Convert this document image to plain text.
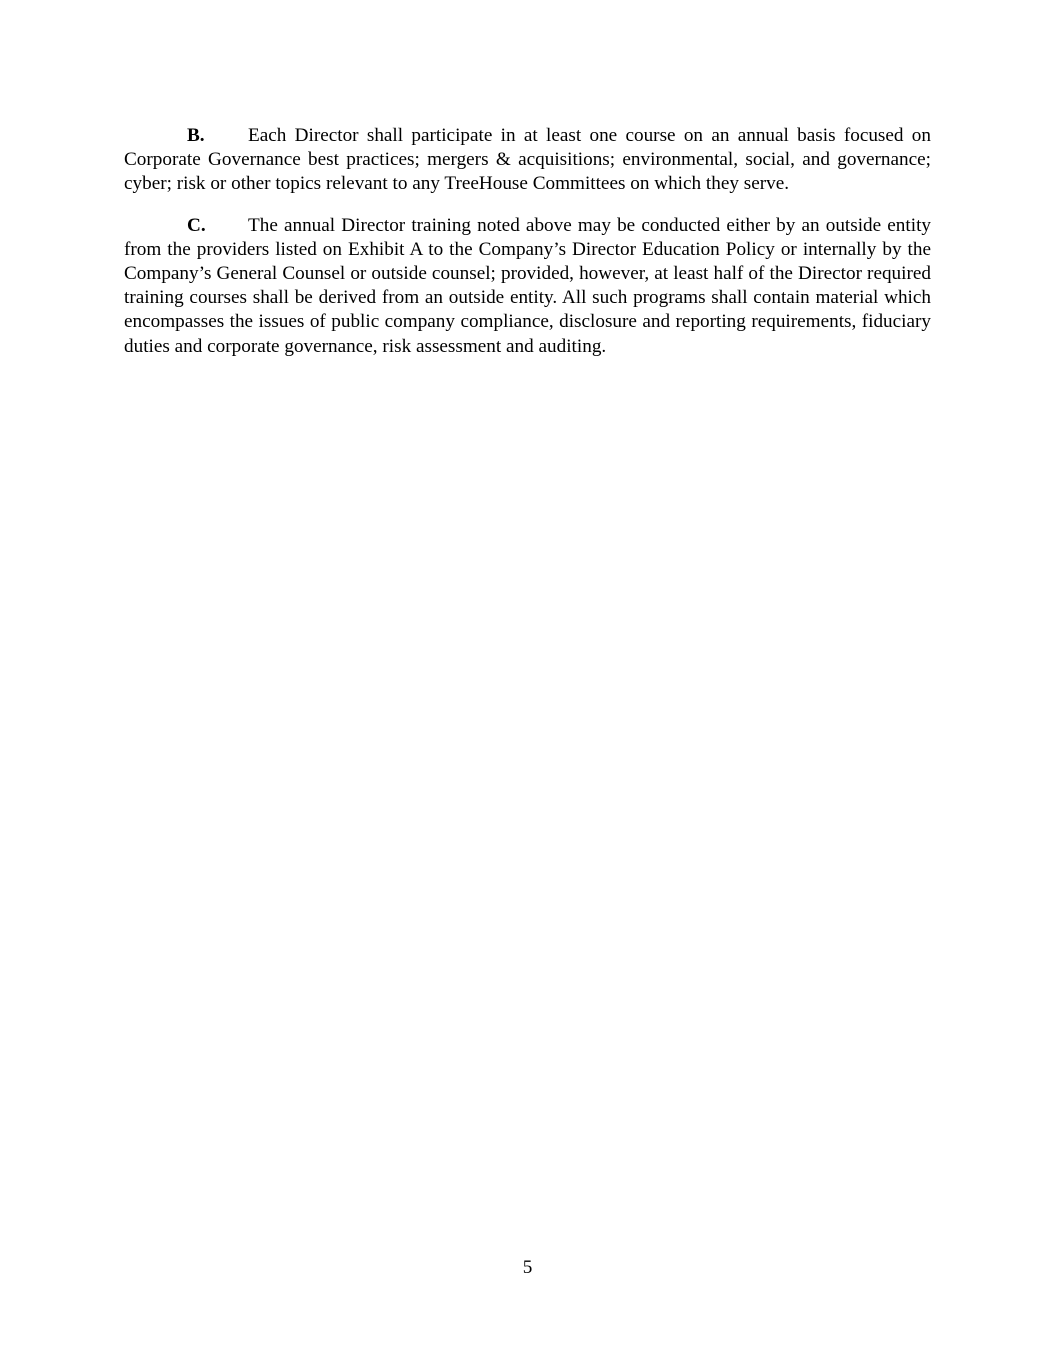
B. Each Director shall participate in at least one course on an annual basis focused on Corporate Governance best practices; mergers & acquisitions; environmental, social, and governance; cyber; risk or other topics relevant to any TreeHouse Committees on which they serve.

C. The annual Director training noted above may be conducted either by an outside entity from the providers listed on Exhibit A to the Company’s Director Education Policy or internally by the Company’s General Counsel or outside counsel; provided, however, at least half of the Director required training courses shall be derived from an outside entity. All such programs shall contain material which encompasses the issues of public company compliance, disclosure and reporting requirements, fiduciary duties and corporate governance, risk assessment and auditing.

5
